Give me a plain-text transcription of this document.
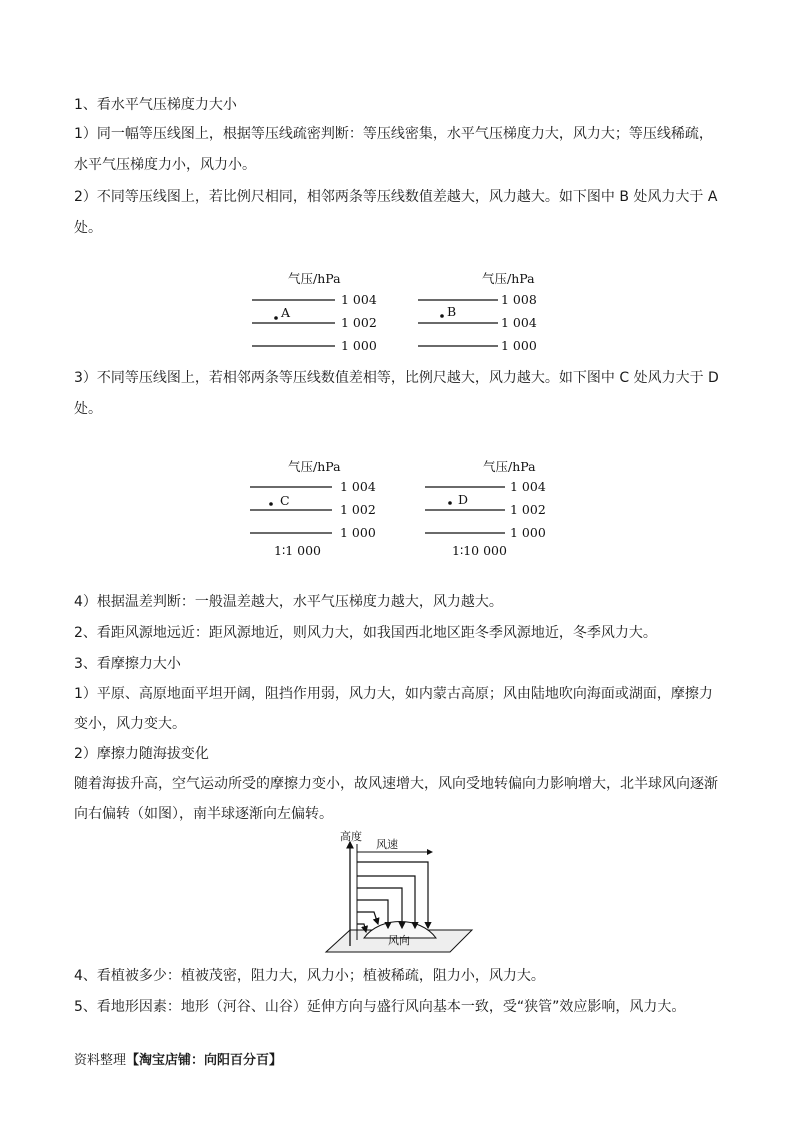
1、看水平气压梯度力大小
1）同一幅等压线图上，根据等压线疏密判断：等压线密集，水平气压梯度力大，风力大；等压线稀疏，
水平气压梯度力小，风力小。
2）不同等压线图上，若比例尺相同，相邻两条等压线数值差越大，风力越大。如下图中 B 处风力大于 A
处。
气压/hPa
1 004
1 002
1 000
A
气压/hPa
1 008
1 004
1 000
B
3）不同等压线图上，若相邻两条等压线数值差相等，比例尺越大，风力越大。如下图中 C 处风力大于 D
处。
气压/hPa
1 004
1 002
1 000
C
1∶1 000
气压/hPa
1 004
1 002
1 000
D
1∶10 000
4）根据温差判断：一般温差越大，水平气压梯度力越大，风力越大。
2、看距风源地远近：距风源地近，则风力大，如我国西北地区距冬季风源地近，冬季风力大。
3、看摩擦力大小
1）平原、高原地面平坦开阔，阻挡作用弱，风力大，如内蒙古高原；风由陆地吹向海面或湖面，摩擦力
变小，风力变大。
2）摩擦力随海拔变化
随着海拔升高，空气运动所受的摩擦力变小，故风速增大，风向受地转偏向力影响增大，北半球风向逐渐
向右偏转（如图），南半球逐渐向左偏转。
高度
风速
风向
4、看植被多少：植被茂密，阻力大，风力小；植被稀疏，阻力小，风力大。
5、看地形因素：地形（河谷、山谷）延伸方向与盛行风向基本一致，受“狭管”效应影响，风力大。
资料整理【淘宝店铺：向阳百分百】
